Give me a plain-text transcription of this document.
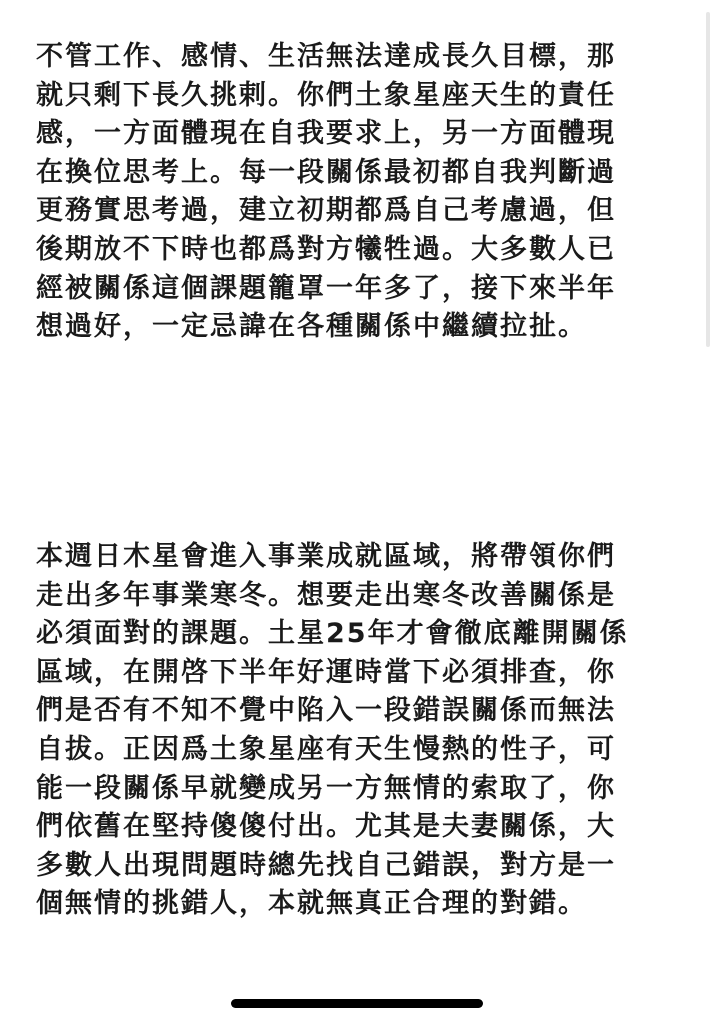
不管工作、感情、生活無法達成長久目標，那
就只剩下長久挑剌。你們土象星座天生的責任
感，一方面體現在自我要求上，另一方面體現
在換位思考上。每一段關係最初都自我判斷過
更務實思考過，建立初期都爲自己考慮過，但
後期放不下時也都爲對方犧牲過。大多數人已
經被關係這個課題籠罩一年多了，接下來半年
想過好，一定忌諱在各種關係中繼續拉扯。
本週日木星會進入事業成就區域，將帶領你們
走出多年事業寒冬。想要走出寒冬改善關係是
必須面對的課題。土星25年才會徹底離開關係
區域，在開啓下半年好運時當下必須排查，你
們是否有不知不覺中陷入一段錯誤關係而無法
自拔。正因爲土象星座有天生慢熱的性子，可
能一段關係早就變成另一方無情的索取了，你
們依舊在堅持傻傻付出。尤其是夫妻關係，大
多數人出現問題時總先找自己錯誤，對方是一
個無情的挑錯人，本就無真正合理的對錯。
